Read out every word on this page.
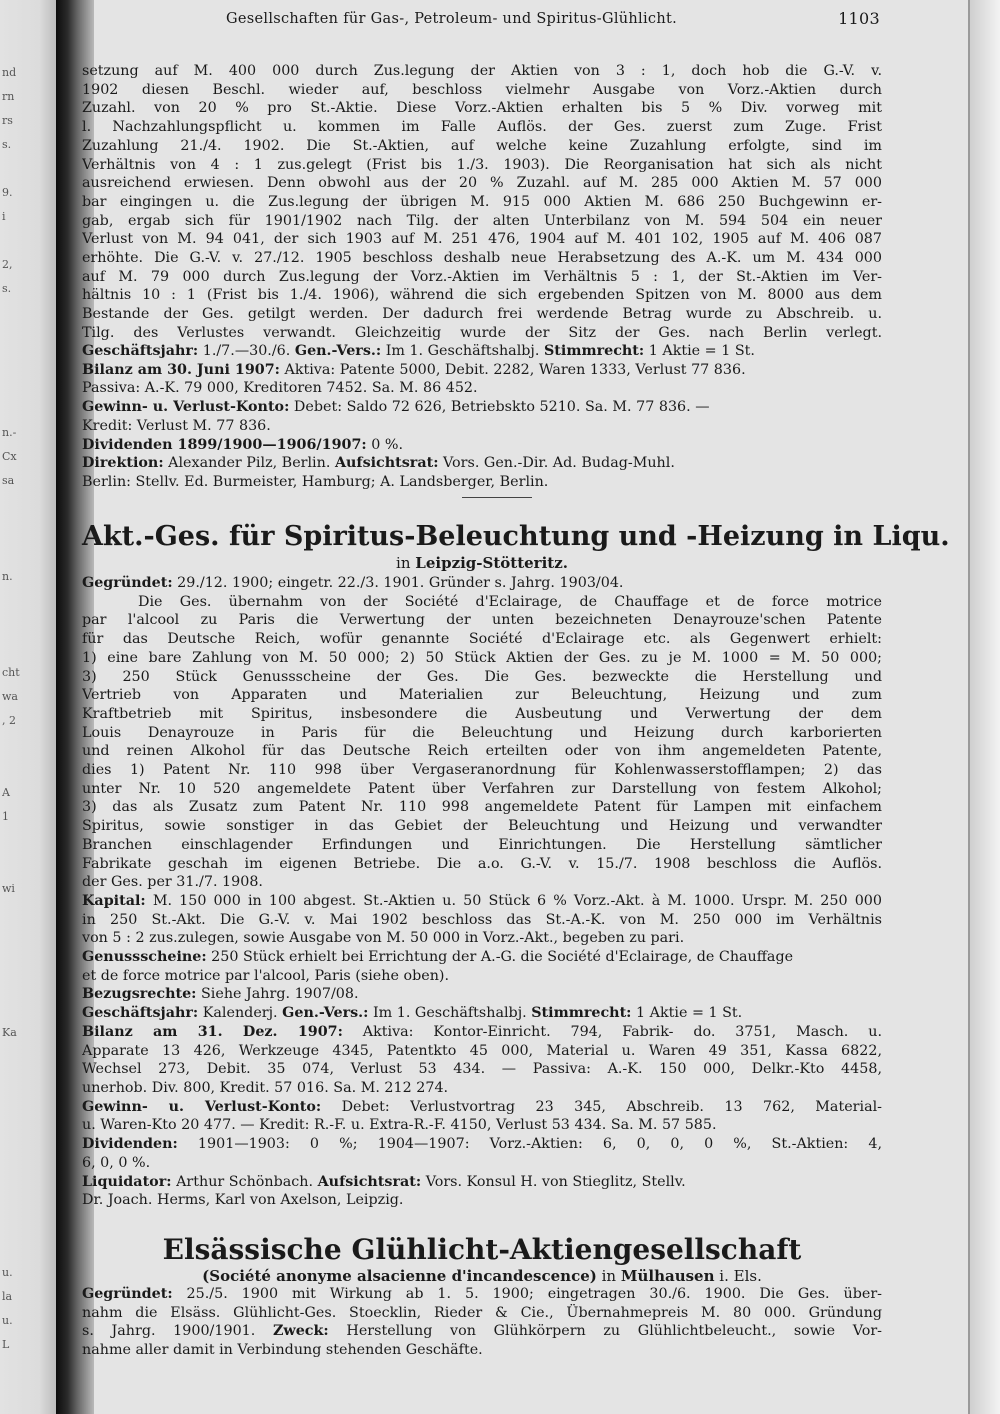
nd
rn
rs
s.
9.
i
2,
s.
n.-
Cx
sa
n.
cht
wa
, 2
A
1
wi
Ka
u.
la
u.
L
Gesellschaften für Gas-, Petroleum- und Spiritus-Glühlicht.	1103

setzung auf M. 400 000 durch Zus.legung der Aktien von 3 : 1, doch hob die G.-V. v.

1902 diesen Beschl. wieder auf, beschloss vielmehr Ausgabe von Vorz.-Aktien durch

Zuzahl. von 20 % pro St.-Aktie. Diese Vorz.-Aktien erhalten bis 5 % Div. vorweg mit

l. Nachzahlungspflicht u. kommen im Falle Auflös. der Ges. zuerst zum Zuge. Frist

Zuzahlung 21./4. 1902. Die St.-Aktien, auf welche keine Zuzahlung erfolgte, sind im

Verhältnis von 4 : 1 zus.gelegt (Frist bis 1./3. 1903). Die Reorganisation hat sich als nicht

ausreichend erwiesen. Denn obwohl aus der 20 % Zuzahl. auf M. 285 000 Aktien M. 57 000

bar eingingen u. die Zus.legung der übrigen M. 915 000 Aktien M. 686 250 Buchgewinn er-

gab, ergab sich für 1901/1902 nach Tilg. der alten Unterbilanz von M. 594 504 ein neuer

Verlust von M. 94 041, der sich 1903 auf M. 251 476, 1904 auf M. 401 102, 1905 auf M. 406 087

erhöhte. Die G.-V. v. 27./12. 1905 beschloss deshalb neue Herabsetzung des A.-K. um M. 434 000

auf M. 79 000 durch Zus.legung der Vorz.-Aktien im Verhältnis 5 : 1, der St.-Aktien im Ver-

hältnis 10 : 1 (Frist bis 1./4. 1906), während die sich ergebenden Spitzen von M. 8000 aus dem

Bestande der Ges. getilgt werden. Der dadurch frei werdende Betrag wurde zu Abschreib. u.

Tilg. des Verlustes verwandt. Gleichzeitig wurde der Sitz der Ges. nach Berlin verlegt.

Geschäftsjahr: 1./7.—30./6. Gen.-Vers.: Im 1. Geschäftshalbj. Stimmrecht: 1 Aktie = 1 St.

Bilanz am 30. Juni 1907: Aktiva: Patente 5000, Debit. 2282, Waren 1333, Verlust 77 836.

Passiva: A.-K. 79 000, Kreditoren 7452. Sa. M. 86 452.

Gewinn- u. Verlust-Konto: Debet: Saldo 72 626, Betriebskto 5210. Sa. M. 77 836. —

Kredit: Verlust M. 77 836.

Dividenden 1899/1900—1906/1907: 0 %.

Direktion: Alexander Pilz, Berlin. Aufsichtsrat: Vors. Gen.-Dir. Ad. Budag-Muhl.

Berlin: Stellv. Ed. Burmeister, Hamburg; A. Landsberger, Berlin.

Akt.-Ges. für Spiritus-Beleuchtung und -Heizung in Liqu.
in Leipzig-Stötteritz.

Gegründet: 29./12. 1900; eingetr. 22./3. 1901. Gründer s. Jahrg. 1903/04.

Die Ges. übernahm von der Société d'Eclairage, de Chauffage et de force motrice

par l'alcool zu Paris die Verwertung der unten bezeichneten Denayrouze'schen Patente

für das Deutsche Reich, wofür genannte Société d'Eclairage etc. als Gegenwert erhielt:

1) eine bare Zahlung von M. 50 000; 2) 50 Stück Aktien der Ges. zu je M. 1000 = M. 50 000;

3) 250 Stück Genussscheine der Ges. Die Ges. bezweckte die Herstellung und

Vertrieb von Apparaten und Materialien zur Beleuchtung, Heizung und zum

Kraftbetrieb mit Spiritus, insbesondere die Ausbeutung und Verwertung der dem

Louis Denayrouze in Paris für die Beleuchtung und Heizung durch karborierten

und reinen Alkohol für das Deutsche Reich erteilten oder von ihm angemeldeten Patente,

dies 1) Patent Nr. 110 998 über Vergaseranordnung für Kohlenwasserstofflampen; 2) das

unter Nr. 10 520 angemeldete Patent über Verfahren zur Darstellung von festem Alkohol;

3) das als Zusatz zum Patent Nr. 110 998 angemeldete Patent für Lampen mit einfachem

Spiritus, sowie sonstiger in das Gebiet der Beleuchtung und Heizung und verwandter

Branchen einschlagender Erfindungen und Einrichtungen. Die Herstellung sämtlicher

Fabrikate geschah im eigenen Betriebe. Die a.o. G.-V. v. 15./7. 1908 beschloss die Auflös.

der Ges. per 31./7. 1908.

Kapital: M. 150 000 in 100 abgest. St.-Aktien u. 50 Stück 6 % Vorz.-Akt. à M. 1000. Urspr. M. 250 000

in 250 St.-Akt. Die G.-V. v. Mai 1902 beschloss das St.-A.-K. von M. 250 000 im Verhältnis

von 5 : 2 zus.zulegen, sowie Ausgabe von M. 50 000 in Vorz.-Akt., begeben zu pari.

Genussscheine: 250 Stück erhielt bei Errichtung der A.-G. die Société d'Eclairage, de Chauffage

et de force motrice par l'alcool, Paris (siehe oben).

Bezugsrechte: Siehe Jahrg. 1907/08.

Geschäftsjahr: Kalenderj. Gen.-Vers.: Im 1. Geschäftshalbj. Stimmrecht: 1 Aktie = 1 St.

Bilanz am 31. Dez. 1907: Aktiva: Kontor-Einricht. 794, Fabrik- do. 3751, Masch. u.

Apparate 13 426, Werkzeuge 4345, Patentkto 45 000, Material u. Waren 49 351, Kassa 6822,

Wechsel 273, Debit. 35 074, Verlust 53 434. — Passiva: A.-K. 150 000, Delkr.-Kto 4458,

unerhob. Div. 800, Kredit. 57 016. Sa. M. 212 274.

Gewinn- u. Verlust-Konto: Debet: Verlustvortrag 23 345, Abschreib. 13 762, Material-

u. Waren-Kto 20 477. — Kredit: R.-F. u. Extra-R.-F. 4150, Verlust 53 434. Sa. M. 57 585.

Dividenden: 1901—1903: 0 %; 1904—1907: Vorz.-Aktien: 6, 0, 0, 0 %, St.-Aktien: 4,

6, 0, 0 %.

Liquidator: Arthur Schönbach. Aufsichtsrat: Vors. Konsul H. von Stieglitz, Stellv.

Dr. Joach. Herms, Karl von Axelson, Leipzig.

Elsässische Glühlicht-Aktiengesellschaft
(Société anonyme alsacienne d'incandescence) in Mülhausen i. Els.

Gegründet: 25./5. 1900 mit Wirkung ab 1. 5. 1900; eingetragen 30./6. 1900. Die Ges. über-

nahm die Elsäss. Glühlicht-Ges. Stoecklin, Rieder & Cie., Übernahmepreis M. 80 000. Gründung

s. Jahrg. 1900/1901. Zweck: Herstellung von Glühkörpern zu Glühlichtbeleucht., sowie Vor-

nahme aller damit in Verbindung stehenden Geschäfte.
